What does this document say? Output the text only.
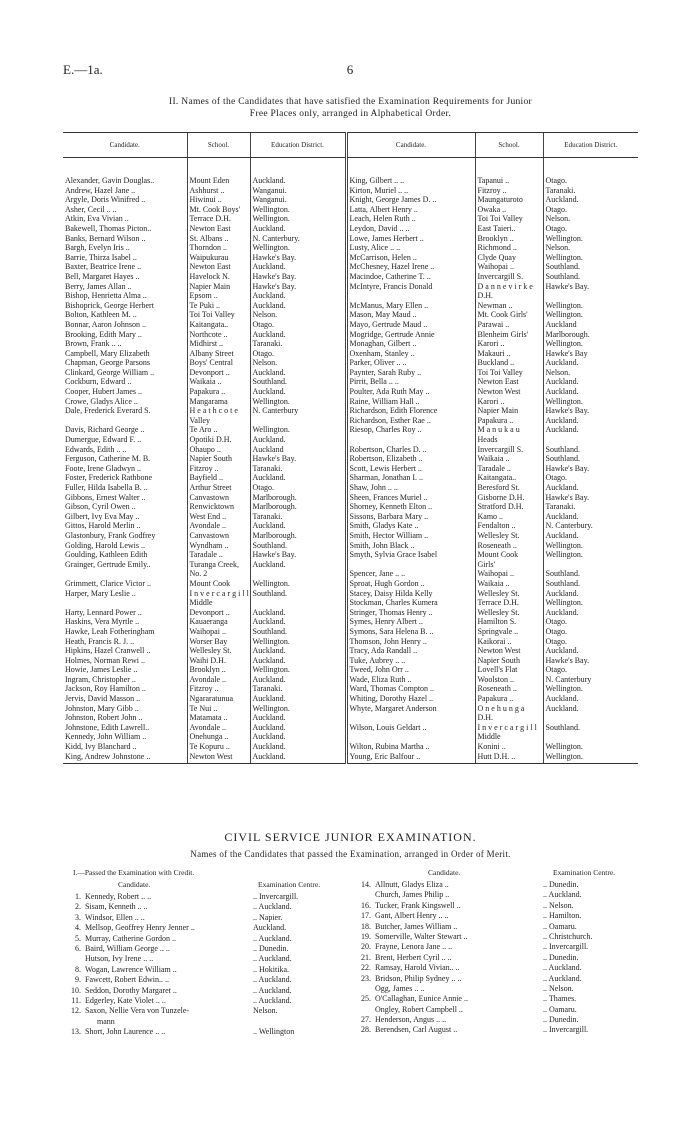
E.—1a.	6
II. Names of the Candidates that have satisfied the Examination Requirements for Junior
Free Places only, arranged in Alphabetical Order.
Candidate.	School.	Education District.	Candidate.	School.	Education District.
Alexander, Gavin Douglas..	Mount Eden	Auckland.	King, Gilbert .. ..	Tapanui ..	Otago.
Andrew, Hazel Jane ..	Ashhurst ..	Wanganui.	Kirton, Muriel .. ..	Fitzroy ..	Taranaki.
Argyle, Doris Winifred ..	Hiwinui ..	Wanganui.	Knight, George James D. ..	Maungaturoto	Auckland.
Asher, Cecil .. ..	Mt. Cook Boys'	Wellington.	Latta, Albert Henry ..	Owaka ..	Otago.
Atkin, Eva Vivian ..	Terrace D.H.	Wellington.	Leach, Helen Ruth ..	Toi Toi Valley	Nelson.
Bakewell, Thomas Picton..	Newton East	Auckland.	Leydon, David .. ..	East Taieri..	Otago.
Banks, Bernard Wilson ..	St. Albans ..	N. Canterbury.	Lowe, James Herbert ..	Brooklyn ..	Wellington.
Bargh, Evelyn Iris ..	Thorndon ..	Wellington.	Lusty, Alice .. ..	Richmond ..	Nelson.
Barrie, Thirza Isabel ..	Waipukurau	Hawke's Bay.	McCarrison, Helen ..	Clyde Quay	Wellington.
Baxter, Beatrice Irene ..	Newton East	Auckland.	McChesney, Hazel Irene ..	Waihopai ..	Southland.
Bell, Margaret Hayes ..	Havelock N.	Hawke's Bay.	Macindoe, Catherine T. ..	Invercargill S.	Southland.
Berry, James Allan ..	Napier Main	Hawke's Bay.	McIntyre, Francis Donald	D a n n e v i r k e	Hawke's Bay.
Bishop, Henrietta Alma ..	Epsom ..	Auckland.		D.H.	
Bishoprick, George Herbert	Te Puki ..	Auckland.	McManus, Mary Ellen ..	Newman ..	Wellington.
Bolton, Kathleen M. ..	Toi Toi Valley	Nelson.	Mason, May Maud ..	Mt. Cook Girls'	Wellington.
Bonnar, Aaron Johnson ..	Kaitangata..	Otago.	Mayo, Gertrude Maud ..	Parawai ..	Auckland
Brooking, Edith Mary ..	Northcote ..	Auckland.	Mogridge, Gertrude Annie	Blenheim Girls'	Marlborough.
Brown, Frank .. ..	Midhirst ..	Taranaki.	Monaghan, Gilbert ..	Karori ..	Wellington.
Campbell, Mary Elizabeth	Albany Street	Otago.	Oxenham, Stanley ..	Makauri ..	Hawke's Bay
Chapman, George Parsons	Boys' Central	Nelson.	Parker, Oliver .. ..	Buckland ..	Auckland.
Clinkard, George William ..	Devonport ..	Auckland.	Paynter, Sarah Ruby ..	Toi Toi Valley	Nelson.
Cockburn, Edward ..	Waikaia ..	Southland.	Pirrit, Bella .. ..	Newton East	Auckland.
Cooper, Hubert James ..	Papakura ..	Auckland.	Poulter, Ada Ruth May ..	Newton West	Auckland.
Crowe, Gladys Alice ..	Mangarama	Wellington.	Raine, William Hall ..	Karori ..	Wellington.
Dale, Frederick Everard S.	H e a t h c o t e	N. Canterbury	Richardson, Edith Florence	Napier Main	Hawke's Bay.
	Valley		Richardson, Esther Rae ..	Papakura ..	Auckland.
Davis, Richard George ..	Te Aro ..	Wellington.	Riesop, Charles Roy ..	M a n u k a u	Auckland.
Dumergue, Edward F. ..	Opotiki D.H.	Auckland.		Heads	
Edwards, Edith .. ..	Ohaupo ..	Auckland	Robertson, Charles D. ..	Invercargill S.	Southland.
Ferguson, Catherine M. B.	Napier South	Hawke's Bay.	Robertson, Elizabeth ..	Waikaia ..	Southland.
Foote, Irene Gladwyn ..	Fitzroy ..	Taranaki.	Scott, Lewis Herbert ..	Taradale ..	Hawke's Bay.
Foster, Frederick Rathbone	Bayfield ..	Auckland.	Sharman, Jonathan I. ..	Kaitangata..	Otago.
Fuller, Hilda Isabella B. ..	Arthur Street	Otago.	Shaw, John .. ..	Beresford St.	Auckland.
Gibbons, Ernest Walter ..	Canvastown	Marlborough.	Sheen, Frances Muriel ..	Gisborne D.H.	Hawke's Bay.
Gibson, Cyril Owen ..	Renwicktown	Marlborough.	Shorney, Kenneth Elton ..	Stratford D.H.	Taranaki.
Gilbert, Ivy Eva May ..	West End ..	Taranaki.	Sissons, Barbara Mary ..	Kamo ..	Auckland.
Gittos, Harold Merlin ..	Avondale ..	Auckland.	Smith, Gladys Kate ..	Fendalton ..	N. Canterbury.
Glastonbury, Frank Godfrey	Canvastown	Marlborough.	Smith, Hector William ..	Wellesley St.	Auckland.
Golding, Harold Lewis ..	Wyndham ..	Southland.	Smith, John Black ..	Roseneath ..	Wellington.
Goulding, Kathleen Edith	Taradale ..	Hawke's Bay.	Smyth, Sylvia Grace Isabel	Mount Cook	Wellington.
Grainger, Gertrude Emily..	Turanga Creek,	Auckland.		Girls'	
	No. 2		Spencer, Jane .. ..	Waihopai ..	Southland.
Grimmett, Clarice Victor ..	Mount Cook	Wellington.	Sproat, Hugh Gordon ..	Waikaia ..	Southland.
Harper, Mary Leslie ..	I n v e r c a r g i l l	Southland.	Stacey, Daisy Hilda Kelly	Wellesley St.	Auckland.
	Middle		Stockman, Charles Kumera	Terrace D.H.	Wellington.
Harty, Lennard Power ..	Devonport ..	Auckland.	Stringer, Thomas Henry ..	Wellesley St.	Auckland.
Haskins, Vera Myrtle ..	Kauaeranga	Auckland.	Symes, Henry Albert ..	Hamilton S.	Otago.
Hawke, Leah Fotheringham	Waihopai ..	Southland.	Symons, Sara Helena B. ..	Springvale ..	Otago.
Heath, Francis R. J. ..	Worser Bay	Wellington.	Thomson, John Henry ..	Kaikorai ..	Otago.
Hipkins, Hazel Cranwell ..	Wellesley St.	Auckland.	Tracy, Ada Randall ..	Newton West	Auckland.
Holmes, Norman Rewi ..	Waihi D.H.	Auckland.	Tuke, Aubrey .. ..	Napier South	Hawke's Bay.
Howie, James Leslie ..	Brooklyn ..	Wellington.	Tweed, John Orr ..	Lovell's Flat	Otago.
Ingram, Christopher ..	Avondale ..	Auckland.	Wade, Eliza Ruth ..	Woolston ..	N. Canterbury
Jackson, Roy Hamilton ..	Fitzroy ..	Taranaki.	Ward, Thomas Compton ..	Roseneath ..	Wellington.
Jervis, David Masson ..	Ngararatunua	Auckland.	Whiting, Dorothy Hazel ..	Papakura ..	Auckland.
Johnston, Mary Gibb ..	Te Nui ..	Wellington.	Whyte, Margaret Anderson	O n e h u n g a	Auckland.
Johnston, Robert John ..	Matamata ..	Auckland.		D.H.	
Johnstone, Edith Lawrell..	Avondale ..	Auckland.	Wilson, Louis Geldart ..	I n v e r c a r g i l l	Southland.
Kennedy, John William ..	Onehunga ..	Auckland.		Middle	
Kidd, Ivy Blanchard ..	Te Kopuru ..	Auckland.	Wilton, Rubina Martha ..	Konini ..	Wellington.
King, Andrew Johnstone ..	Newton West	Auckland.	Young, Eric Balfour ..	Hutt D.H. ..	Wellington.
CIVIL SERVICE JUNIOR EXAMINATION.
Names of the Candidates that passed the Examination, arranged in Order of Merit.
I.—Passed the Examination with Credit.
Candidate.	Examination Centre.
1. Kennedy, Robert .. ..	.. Invercargill.
2. Sisam, Kenneth .. ..	.. Auckland.
3. Windsor, Ellen .. ..	.. Napier.
4. Mellsop, Geoffrey Henry Jenner ..	Auckland.
5. Murray, Catherine Gordon ..	.. Auckland.
6. Baird, William George .. ..	.. Dunedin.
Hutson, Ivy Irene .. ..	.. Auckland.
8. Wogan, Lawrence William ..	.. Hokitika.
9. Fawcett, Robert Edwin.. ..	.. Auckland.
10. Seddon, Dorothy Margaret ..	.. Auckland.
11. Edgerley, Kate Violet .. ..	.. Auckland.
12. Saxon, Nellie Vera von Tunzele-	Nelson.
mann
13. Short, John Laurence .. ..	.. Wellington
Candidate.	Examination Centre.
14. Allnutt, Gladys Eliza ..	.. Dunedin.
Church, James Philip ..	.. Auckland.
16. Tucker, Frank Kingswell ..	.. Nelson.
17. Gant, Albert Henry .. ..	.. Hamilton.
18. Butcher, James William ..	.. Oamaru.
19. Somerville, Walter Stewart ..	.. Christchurch.
20. Frayne, Lenora Jane .. ..	.. Invercargill.
21. Brent, Herbert Cyril .. ..	.. Dunedin.
22. Ramsay, Harold Vivian.. ..	.. Auckland.
23. Bridson, Philip Sydney .. ..	.. Auckland.
Ogg, James .. ..	.. Nelson.
25. O'Callaghan, Eunice Annie ..	.. Thames.
Ongley, Robert Campbell ..	.. Oamaru.
27. Henderson, Angus .. ..	.. Dunedin.
28. Berendsen, Carl August ..	.. Invercargill.
